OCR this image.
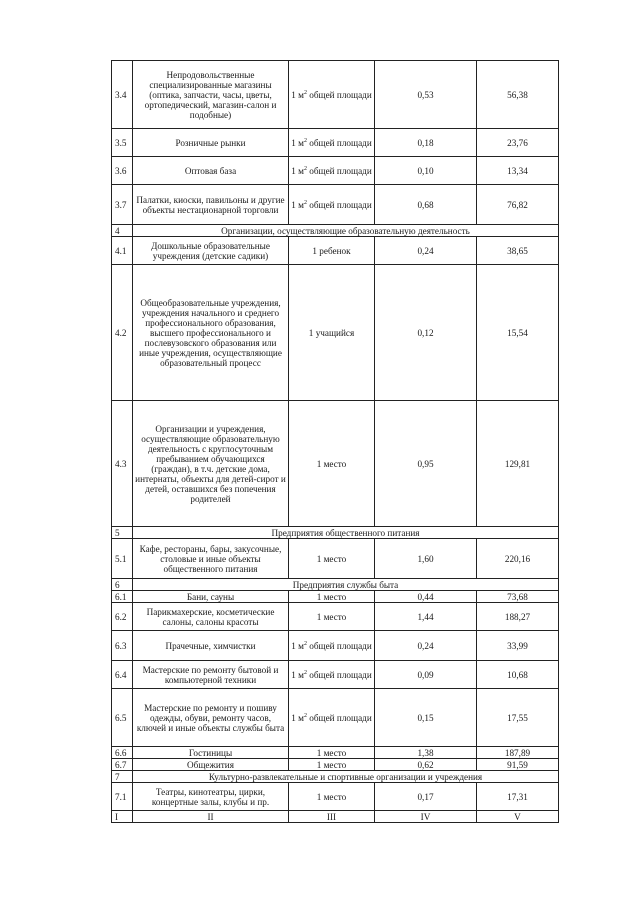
3.4	Непродовольственные специализированные магазины (оптика, запчасти, часы, цветы, ортопедический, магазин-салон и подобные)	1 $м^2$ общей площади	0,53	56,38
3.5	Розничные рынки	1 $м^2$ общей площади	0,18	23,76
3.6	Оптовая база	1 $м^2$ общей площади	0,10	13,34
3.7	Палатки, киоски, павильоны и другие объекты нестационарной торговли	1 $м^2$ общей площади	0,68	76,82
4	Организации, осуществляющие образовательную деятельность			
4.1	Дошкольные образовательные учреждения (детские садики)	1 ребенок	0,24	38,65
4.2	Общеобразовательные учреждения, учреждения начального и среднего профессионального образования, высшего профессионального и послевузовского образования или иные учреждения, осуществляющие образовательный процесс	1 учащийся	0,12	15,54
4.3	Организации и учреждения, осуществляющие образовательную деятельность с круглосуточным пребыванием обучающихся (граждан), в т.ч. детские дома, интернаты, объекты для детей-сирот и детей, оставшихся без попечения родителей	1 место	0,95	129,81
5	Предприятия общественного питания			
5.1	Кафе, рестораны, бары, закусочные, столовые и иные объекты общественного питания	1 место	1,60	220,16
6	Предприятия службы быта			
6.1	Бани, сауны	1 место	0,44	73,68
6.2	Парикмахерские, косметические салоны, салоны красоты	1 место	1,44	188,27
6.3	Прачечные, химчистки	1 $м^2$ общей площади	0,24	33,99
6.4	Мастерские по ремонту бытовой и компьютерной техники	1 $м^2$ общей площади	0,09	10,68
6.5	Мастерские по ремонту и пошиву одежды, обуви, ремонту часов, ключей и иные объекты службы быта	1 $м^2$ общей площади	0,15	17,55
6.6	Гостиницы	1 место	1,38	187,89
6.7	Общежития	1 место	0,62	91,59
7	Культурно-развлекательные и спортивные организации и учреждения			
7.1	Театры, кинотеатры, цирки, концертные залы, клубы и пр.	1 место	0,17	17,31
I	II	III	IV	V
